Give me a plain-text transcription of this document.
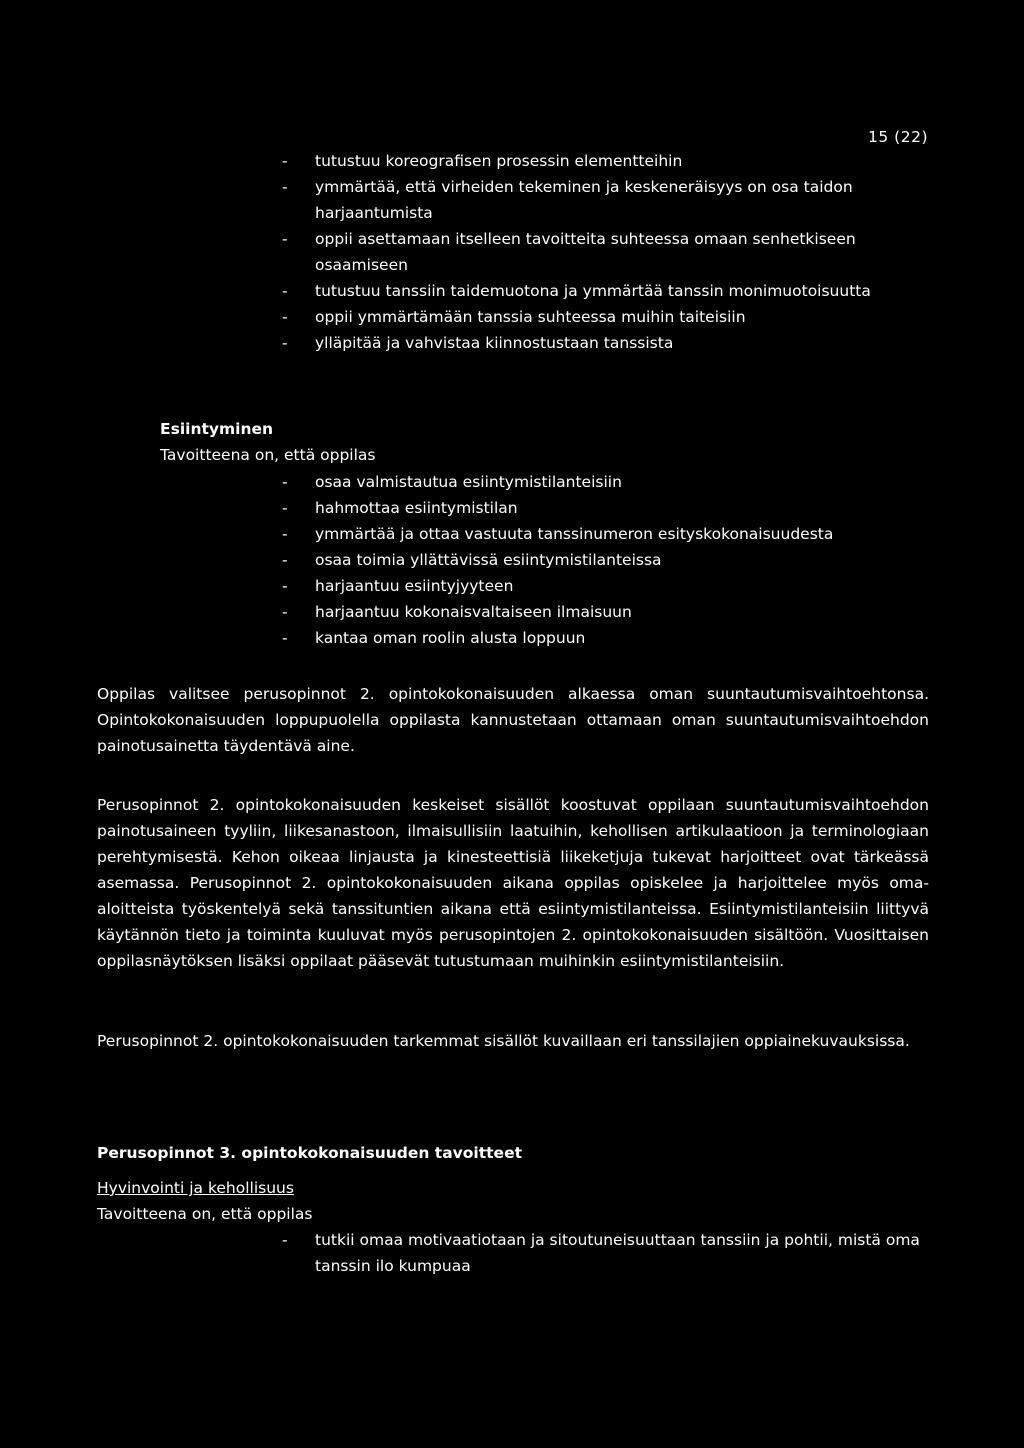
15 (22)
- tutustuu koreografisen prosessin elementteihin
- ymmärtää, että virheiden tekeminen ja keskeneräisyys on osa taidon harjaantumista
- oppii asettamaan itselleen tavoitteita suhteessa omaan senhetkiseen osaamiseen
- tutustuu tanssiin taidemuotona ja ymmärtää tanssin monimuotoisuutta
- oppii ymmärtämään tanssia suhteessa muihin taiteisiin
- ylläpitää ja vahvistaa kiinnostustaan tanssista
Esiintyminen
Tavoitteena on, että oppilas
- osaa valmistautua esiintymistilanteisiin
- hahmottaa esiintymistilan
- ymmärtää ja ottaa vastuuta tanssinumeron esityskokonaisuudesta
- osaa toimia yllättävissä esiintymistilanteissa
- harjaantuu esiintyjyyteen
- harjaantuu kokonaisvaltaiseen ilmaisuun
- kantaa oman roolin alusta loppuun

Oppilas valitsee perusopinnot 2. opintokokonaisuuden alkaessa oman suuntautumisvaihtoehtonsa. Opintokokonaisuuden loppupuolella oppilasta kannustetaan ottamaan oman suuntautumisvaihtoehdon painotusainetta täydentävä aine.

Perusopinnot 2. opintokokonaisuuden keskeiset sisällöt koostuvat oppilaan suuntautumisvaihtoehdon painotusaineen tyyliin, liikesanastoon, ilmaisullisiin laatuihin, kehollisen artikulaatioon ja terminologiaan perehtymisestä. Kehon oikeaa linjausta ja kinesteettisiä liikeketjuja tukevat harjoitteet ovat tärkeässä asemassa. Perusopinnot 2. opintokokonaisuuden aikana oppilas opiskelee ja harjoittelee myös oma-aloitteista työskentelyä sekä tanssituntien aikana että esiintymistilanteissa. Esiintymistilanteisiin liittyvä käytännön tieto ja toiminta kuuluvat myös perusopintojen 2. opintokokonaisuuden sisältöön. Vuosittaisen oppilasnäytöksen lisäksi oppilaat pääsevät tutustumaan muihinkin esiintymistilanteisiin.

Perusopinnot 2. opintokokonaisuuden tarkemmat sisällöt kuvaillaan eri tanssilajien oppiainekuvauksissa.

Perusopinnot 3. opintokokonaisuuden tavoitteet
Hyvinvointi ja kehollisuus
Tavoitteena on, että oppilas
- tutkii omaa motivaatiotaan ja sitoutuneisuuttaan tanssiin ja pohtii, mistä oma tanssin ilo kumpuaa
